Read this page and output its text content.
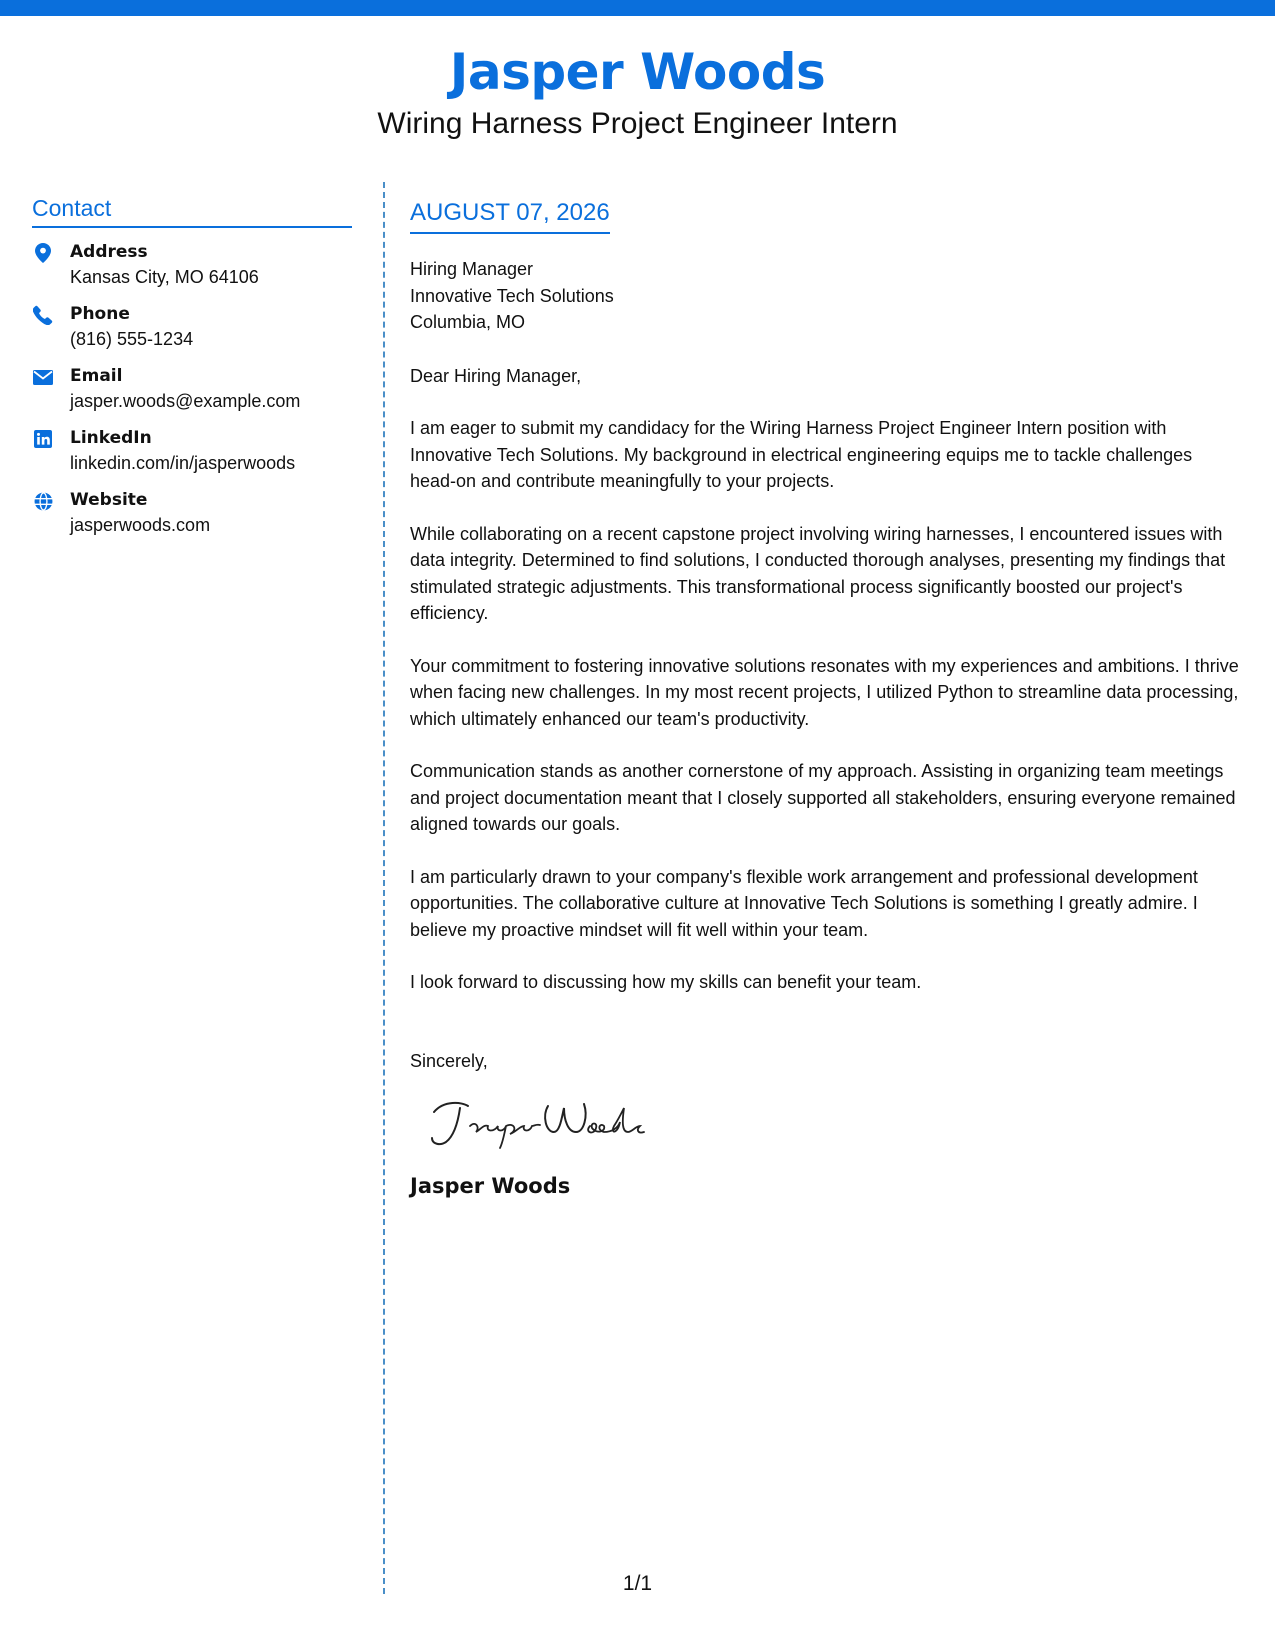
Jasper Woods
Wiring Harness Project Engineer Intern
Contact
Address
Kansas City, MO 64106
Phone
(816) 555-1234
Email
jasper.woods@example.com
LinkedIn
linkedin.com/in/jasperwoods
Website
jasperwoods.com
AUGUST 07, 2026
Hiring Manager
Innovative Tech Solutions
Columbia, MO
Dear Hiring Manager,
I am eager to submit my candidacy for the Wiring Harness Project Engineer Intern position with Innovative Tech Solutions. My background in electrical engineering equips me to tackle challenges head-on and contribute meaningfully to your projects.
While collaborating on a recent capstone project involving wiring harnesses, I encountered issues with data integrity. Determined to find solutions, I conducted thorough analyses, presenting my findings that stimulated strategic adjustments. This transformational process significantly boosted our project's efficiency.
Your commitment to fostering innovative solutions resonates with my experiences and ambitions. I thrive when facing new challenges. In my most recent projects, I utilized Python to streamline data processing, which ultimately enhanced our team's productivity.
Communication stands as another cornerstone of my approach. Assisting in organizing team meetings and project documentation meant that I closely supported all stakeholders, ensuring everyone remained aligned towards our goals.
I am particularly drawn to your company's flexible work arrangement and professional development opportunities. The collaborative culture at Innovative Tech Solutions is something I greatly admire. I believe my proactive mindset will fit well within your team.
I look forward to discussing how my skills can benefit your team.
Sincerely,
Jasper Woods
1/1
